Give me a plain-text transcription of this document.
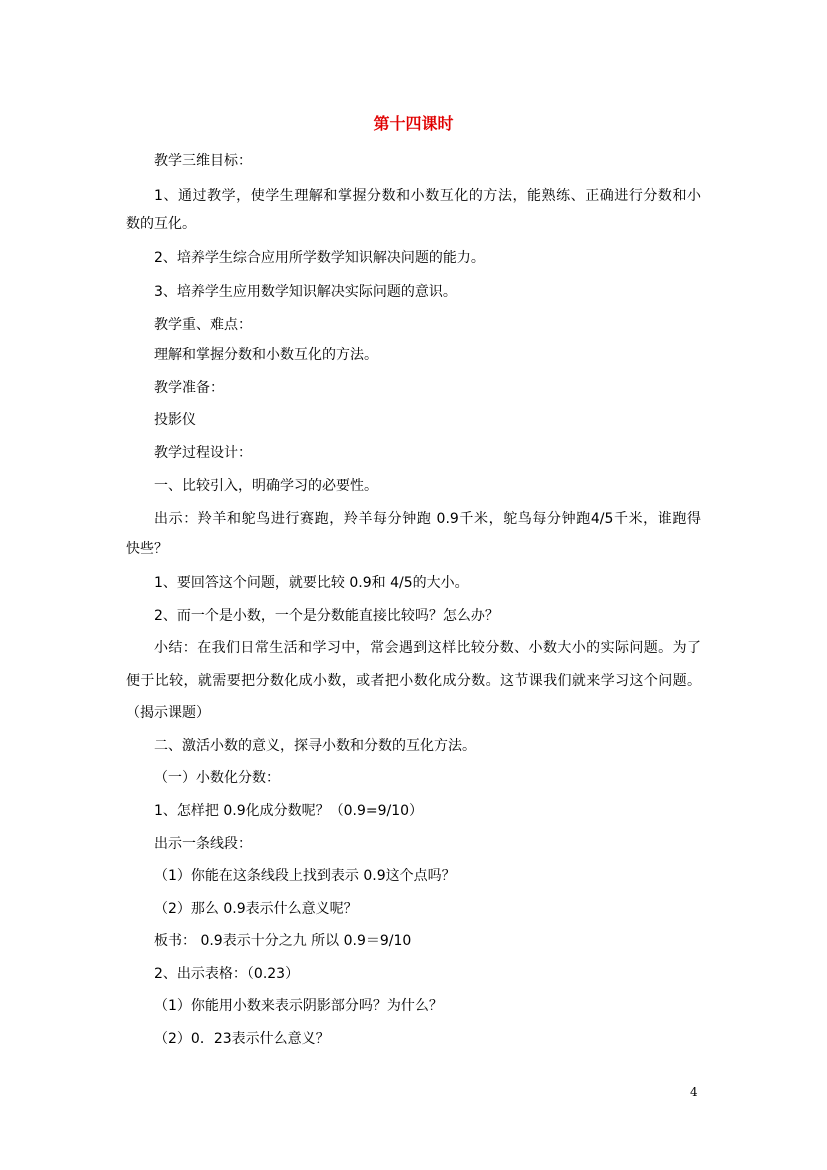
第十四课时
教学三维目标：
1、通过教学，使学生理解和掌握分数和小数互化的方法，能熟练、正确进行分数和小
数的互化。
2、培养学生综合应用所学数学知识解决问题的能力。
3、培养学生应用数学知识解决实际问题的意识。
教学重、难点：
理解和掌握分数和小数互化的方法。
教学准备：
投影仪
教学过程设计：
一、比较引入，明确学习的必要性。
出示：羚羊和鸵鸟进行赛跑，羚羊每分钟跑 0.9千米，鸵鸟每分钟跑4/5千米，谁跑得
快些？
1、要回答这个问题，就要比较 0.9和 4/5的大小。
2、而一个是小数，一个是分数能直接比较吗？怎么办？
小结：在我们日常生活和学习中，常会遇到这样比较分数、小数大小的实际问题。为了
便于比较，就需要把分数化成小数，或者把小数化成分数。这节课我们就来学习这个问题。
（揭示课题）
二、激活小数的意义，探寻小数和分数的互化方法。
（一）小数化分数：
1、怎样把 0.9化成分数呢？（0.9=9/10）
出示一条线段：
（1）你能在这条线段上找到表示 0.9这个点吗？
（2）那么 0.9表示什么意义呢？
板书： 0.9表示十分之九 所以 0.9＝9/10
2、出示表格：（0.23）
（1）你能用小数来表示阴影部分吗？为什么？
（2）0．23表示什么意义？
4
